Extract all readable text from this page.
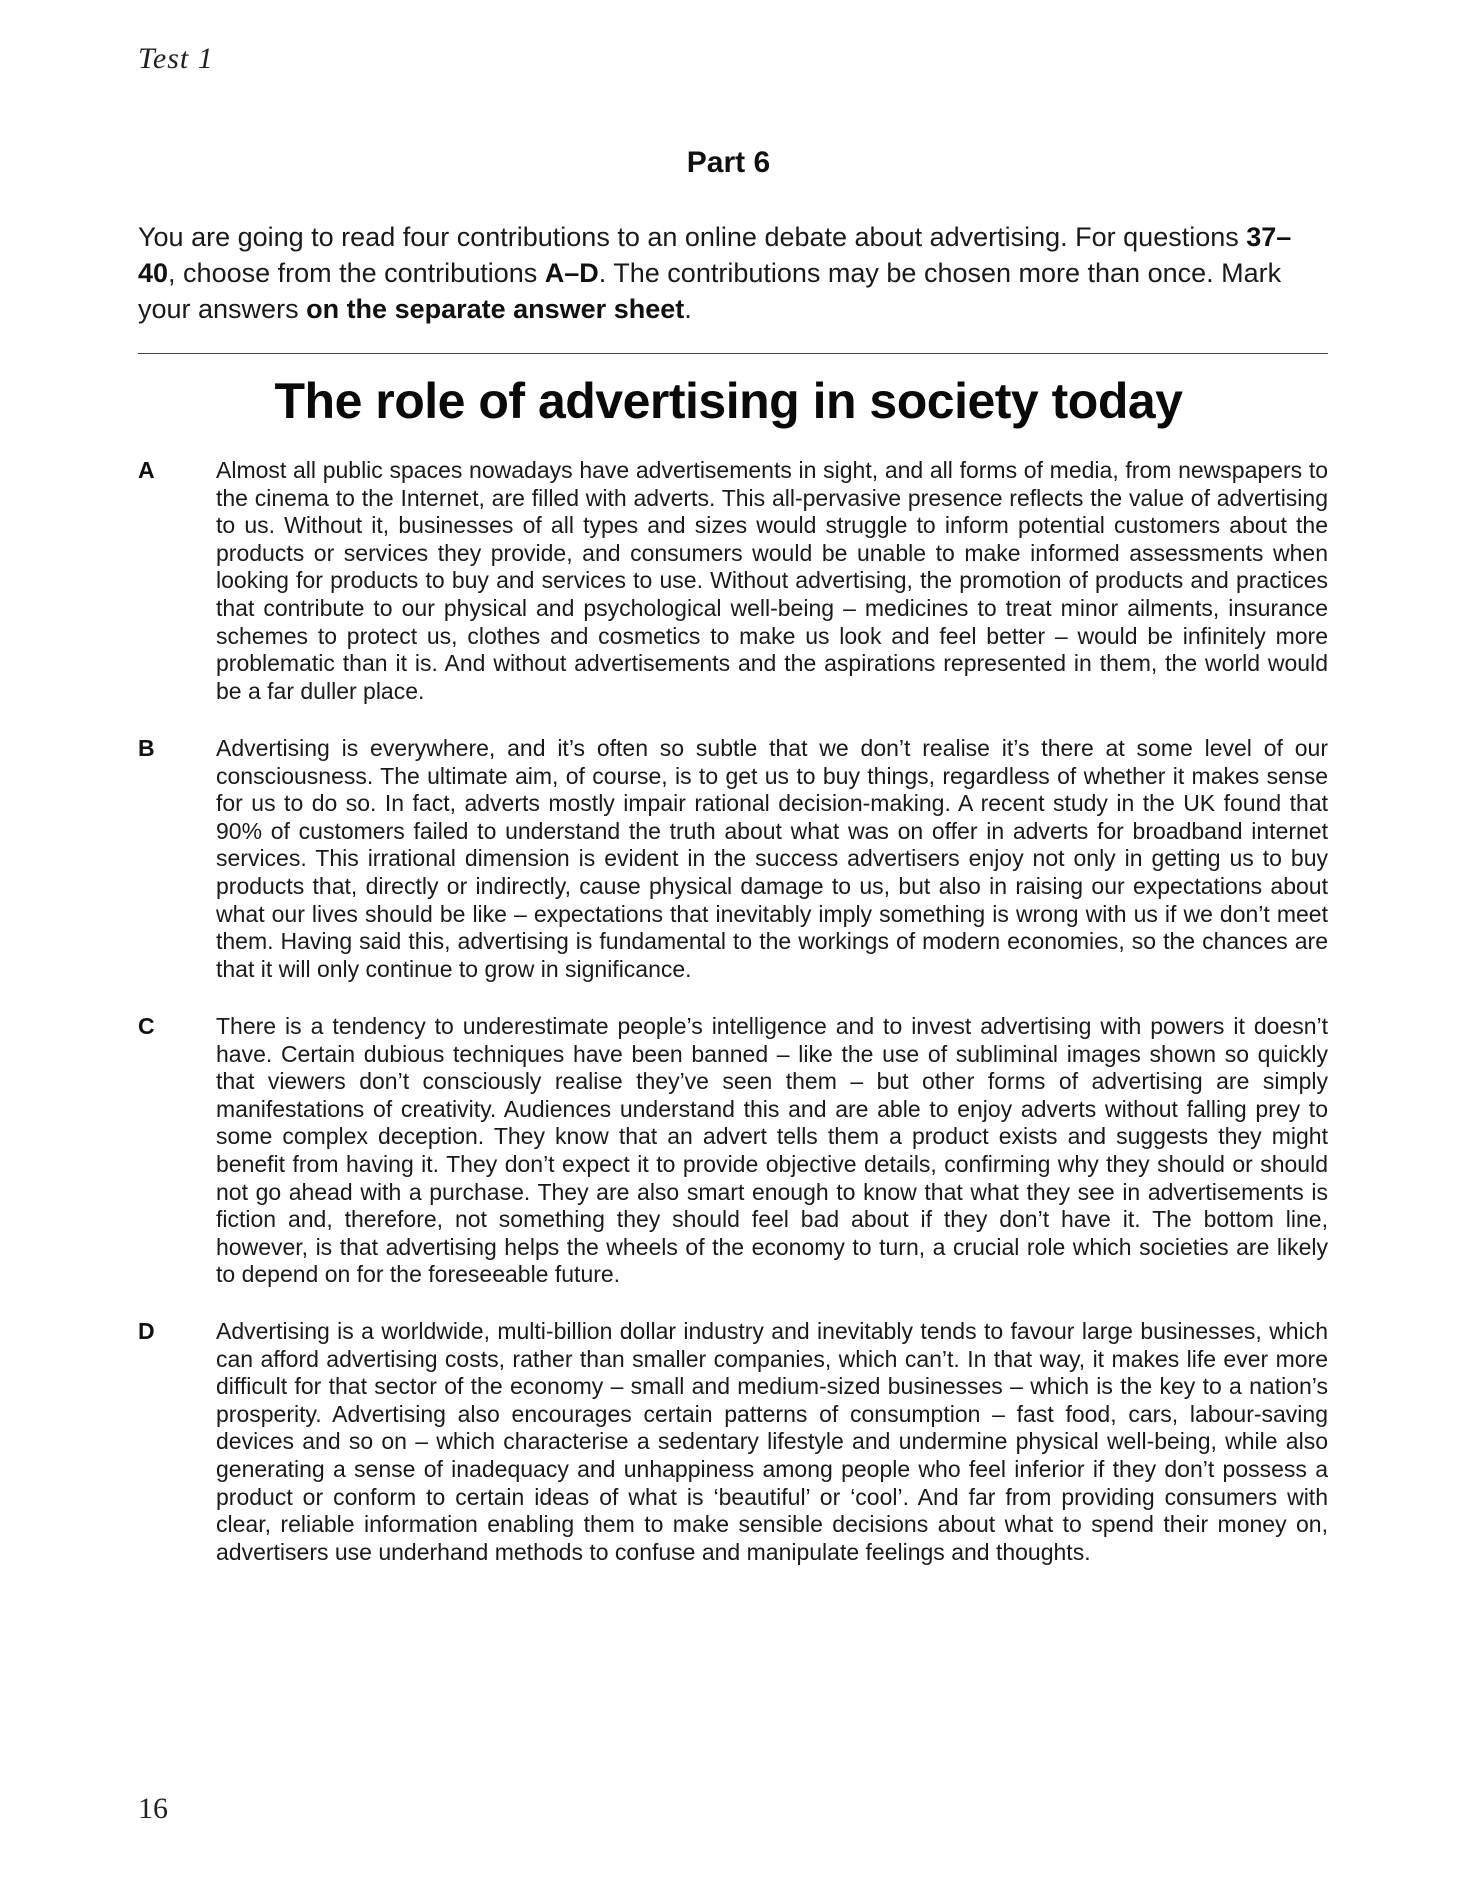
Test 1
Part 6
You are going to read four contributions to an online debate about advertising. For questions 37–40, choose from the contributions A–D. The contributions may be chosen more than once. Mark your answers on the separate answer sheet.
The role of advertising in society today
A	Almost all public spaces nowadays have advertisements in sight, and all forms of media, from newspapers to the cinema to the Internet, are filled with adverts. This all-pervasive presence reflects the value of advertising to us. Without it, businesses of all types and sizes would struggle to inform potential customers about the products or services they provide, and consumers would be unable to make informed assessments when looking for products to buy and services to use. Without advertising, the promotion of products and practices that contribute to our physical and psychological well-being – medicines to treat minor ailments, insurance schemes to protect us, clothes and cosmetics to make us look and feel better – would be infinitely more problematic than it is. And without advertisements and the aspirations represented in them, the world would be a far duller place.
B	Advertising is everywhere, and it’s often so subtle that we don’t realise it’s there at some level of our consciousness. The ultimate aim, of course, is to get us to buy things, regardless of whether it makes sense for us to do so. In fact, adverts mostly impair rational decision-making. A recent study in the UK found that 90% of customers failed to understand the truth about what was on offer in adverts for broadband internet services. This irrational dimension is evident in the success advertisers enjoy not only in getting us to buy products that, directly or indirectly, cause physical damage to us, but also in raising our expectations about what our lives should be like – expectations that inevitably imply something is wrong with us if we don’t meet them. Having said this, advertising is fundamental to the workings of modern economies, so the chances are that it will only continue to grow in significance.
C	There is a tendency to underestimate people’s intelligence and to invest advertising with powers it doesn’t have. Certain dubious techniques have been banned – like the use of subliminal images shown so quickly that viewers don’t consciously realise they’ve seen them – but other forms of advertising are simply manifestations of creativity. Audiences understand this and are able to enjoy adverts without falling prey to some complex deception. They know that an advert tells them a product exists and suggests they might benefit from having it. They don’t expect it to provide objective details, confirming why they should or should not go ahead with a purchase. They are also smart enough to know that what they see in advertisements is fiction and, therefore, not something they should feel bad about if they don’t have it. The bottom line, however, is that advertising helps the wheels of the economy to turn, a crucial role which societies are likely to depend on for the foreseeable future.
D	Advertising is a worldwide, multi-billion dollar industry and inevitably tends to favour large businesses, which can afford advertising costs, rather than smaller companies, which can’t. In that way, it makes life ever more difficult for that sector of the economy – small and medium-sized businesses – which is the key to a nation’s prosperity. Advertising also encourages certain patterns of consumption – fast food, cars, labour-saving devices and so on – which characterise a sedentary lifestyle and undermine physical well-being, while also generating a sense of inadequacy and unhappiness among people who feel inferior if they don’t possess a product or conform to certain ideas of what is ‘beautiful’ or ‘cool’. And far from providing consumers with clear, reliable information enabling them to make sensible decisions about what to spend their money on, advertisers use underhand methods to confuse and manipulate feelings and thoughts.
16
